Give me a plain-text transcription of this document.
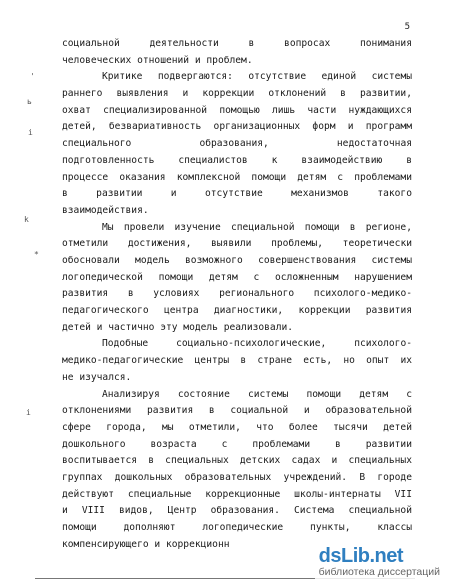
5
'
ь
i
k
*
i
социальной деятельности в вопросах понимания
человеческих отношений и проблем.
Критике подвергаются: отсутствие единой системы
раннего выявления и коррекции отклонений в развитии,
охват специализированной помощью лишь части нуждающихся
детей, безвариативность организационных форм и программ
специального образования, недостаточная
подготовленность специалистов к взаимодействию в
процессе оказания комплексной помощи детям с проблемами
в развитии и отсутствие механизмов такого
взаимодействия.
Мы провели изучение специальной помощи в регионе,
отметили достижения, выявили проблемы, теоретически
обосновали модель возможного совершенствования системы
логопедической помощи детям с осложненным нарушением
развития в условиях регионального психолого-медико-
педагогического центра диагностики, коррекции развития
детей и частично эту модель реализовали.
Подобные социально-психологические, психолого-
медико-педагогические центры в стране есть, но опыт их
не изучался.
Анализируя состояние системы помощи детям с
отклонениями развития в социальной и образовательной
сфере города, мы отметили, что более тысячи детей
дошкольного возраста с проблемами в развитии
воспитывается в специальных детских садах и специальных
группах дошкольных образовательных учреждений. В городе
действуют специальные коррекционные школы-интернаты VII
и VIII видов, Центр образования. Система специальной
помощи дополняют логопедические пункты, классы
компенсирующего и коррекционн
dsLib.net
библиотека диссертаций
